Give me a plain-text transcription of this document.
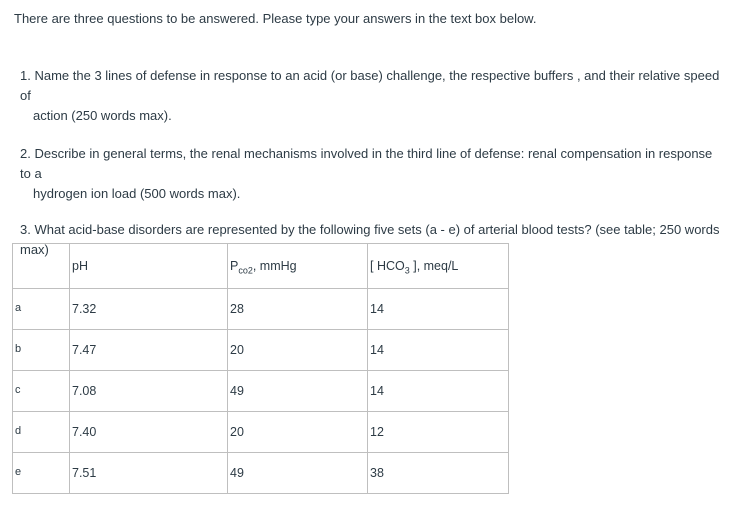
There are three questions to be answered. Please type your answers in the text box below.
1. Name the 3 lines of defense in response to an acid (or base) challenge, the respective buffers , and their relative speed of
action (250 words max).
2. Describe in general terms, the renal mechanisms involved in the third line of defense: renal compensation in response to a
hydrogen ion load (500 words max).
3. What acid-base disorders are represented by the following five sets (a - e) of arterial blood tests? (see table; 250 words max)
	pH	$P_{co2}$, mmHg	[ $HCO_3$ ], meq/L
a	7.32	28	14
b	7.47	20	14
c	7.08	49	14
d	7.40	20	12
e	7.51	49	38
